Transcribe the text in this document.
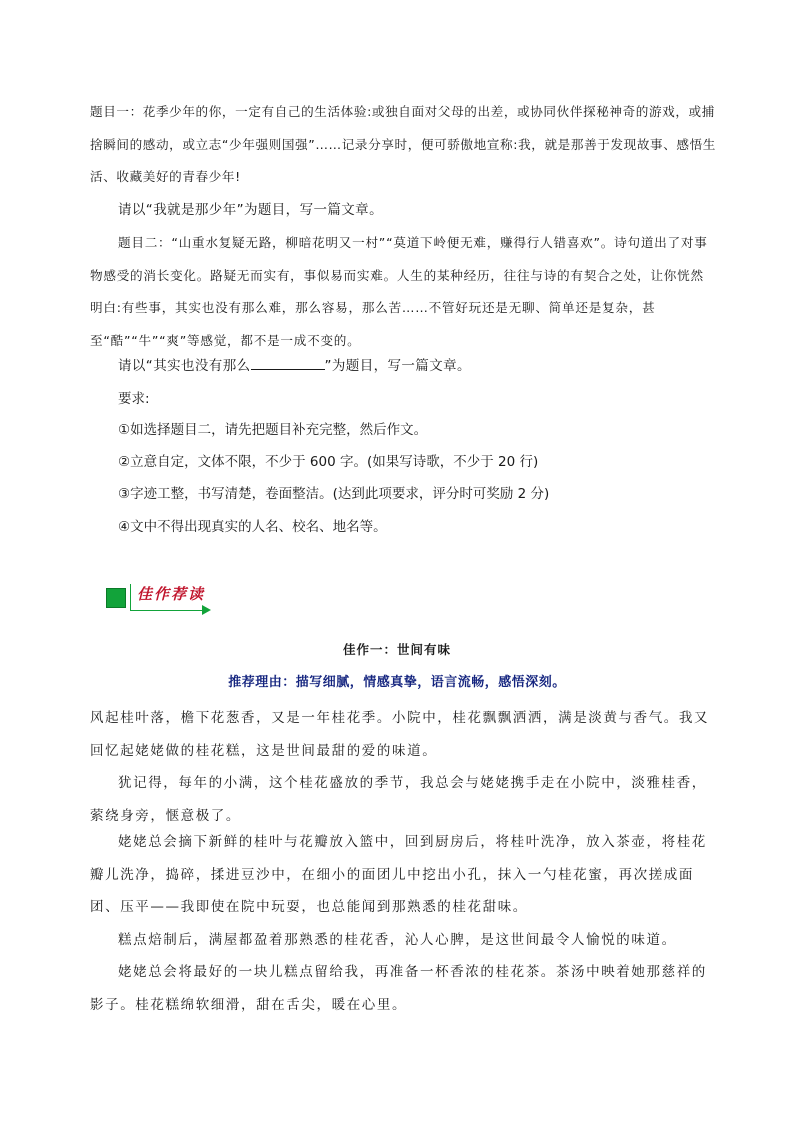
题目一：花季少年的你，一定有自己的生活体验:或独自面对父母的出差，或协同伙伴探秘神奇的游戏，或捕捨瞬间的感动，或立志“少年强则国强”……记录分享时，便可骄傲地宣称:我，就是那善于发现故事、感悟生活、收藏美好的青春少年!

请以“我就是那少年”为题目，写一篇文章。

题目二：“山重水复疑无路，柳暗花明又一村”“莫道下岭便无难，赚得行人错喜欢”。诗句道出了对事物感受的消长变化。路疑无而实有，事似易而实难。人生的某种经历，往往与诗的有契合之处，让你恍然明白:有些事，其实也没有那么难，那么容易，那么苦……不管好玩还是无聊、简单还是复杂，甚至“酷”“牛”“爽”等感觉，都不是一成不变的。

请以“其实也没有那么	”为题目，写一篇文章。

要求:

①如选择题目二，请先把题目补充完整，然后作文。

②立意自定，文体不限，不少于 600 字。(如果写诗歌，不少于 20 行)

③字迹工整，书写清楚，卷面整洁。(达到此项要求，评分时可奖励 2 分)

④文中不得出现真实的人名、校名、地名等。

佳作荐读
佳作一：世间有味
推荐理由：描写细腻，情感真挚，语言流畅，感悟深刻。

风起桂叶落，檐下花葱香，又是一年桂花季。小院中，桂花飘飘洒洒，满是淡黄与香气。我又回忆起姥姥做的桂花糕，这是世间最甜的爱的味道。

犹记得，每年的小满，这个桂花盛放的季节，我总会与姥姥携手走在小院中，淡雅桂香，萦绕身旁，惬意极了。

姥姥总会摘下新鲜的桂叶与花瓣放入篮中，回到厨房后，将桂叶洗净，放入茶壶，将桂花瓣儿洗净，捣碎，揉进豆沙中，在细小的面团儿中挖出小孔，抹入一勺桂花蜜，再次搓成面团、压平——我即使在院中玩耍，也总能闻到那熟悉的桂花甜味。

糕点焙制后，满屋都盈着那熟悉的桂花香，沁人心脾，是这世间最令人愉悦的味道。

姥姥总会将最好的一块儿糕点留给我，再准备一杯香浓的桂花茶。茶汤中映着她那慈祥的影子。桂花糕绵软细滑，甜在舌尖，暖在心里。
